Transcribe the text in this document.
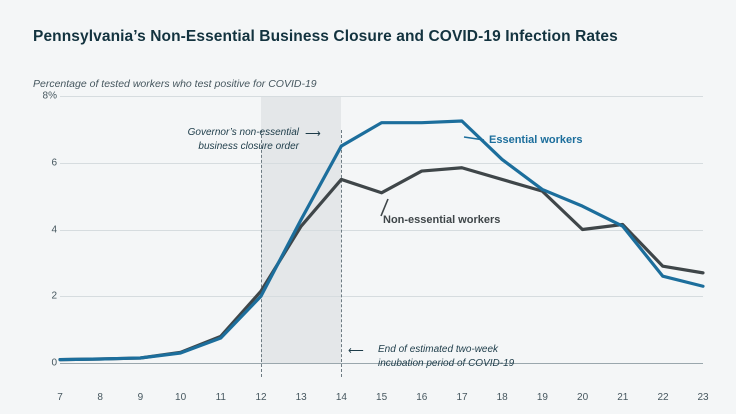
Pennsylvania’s Non-Essential Business Closure and COVID-19 Infection Rates
Percentage of tested workers who test positive for COVID-19
8%
6
4
2
0
Governor’s non-essential
business closure order
⟶
⟵ End of estimated two-week
incubation period of COVID-19
Essential workers
Non-essential workers
7	8	9	10	11	12	13	14	15	16	17	18	19	20	21	22	23
